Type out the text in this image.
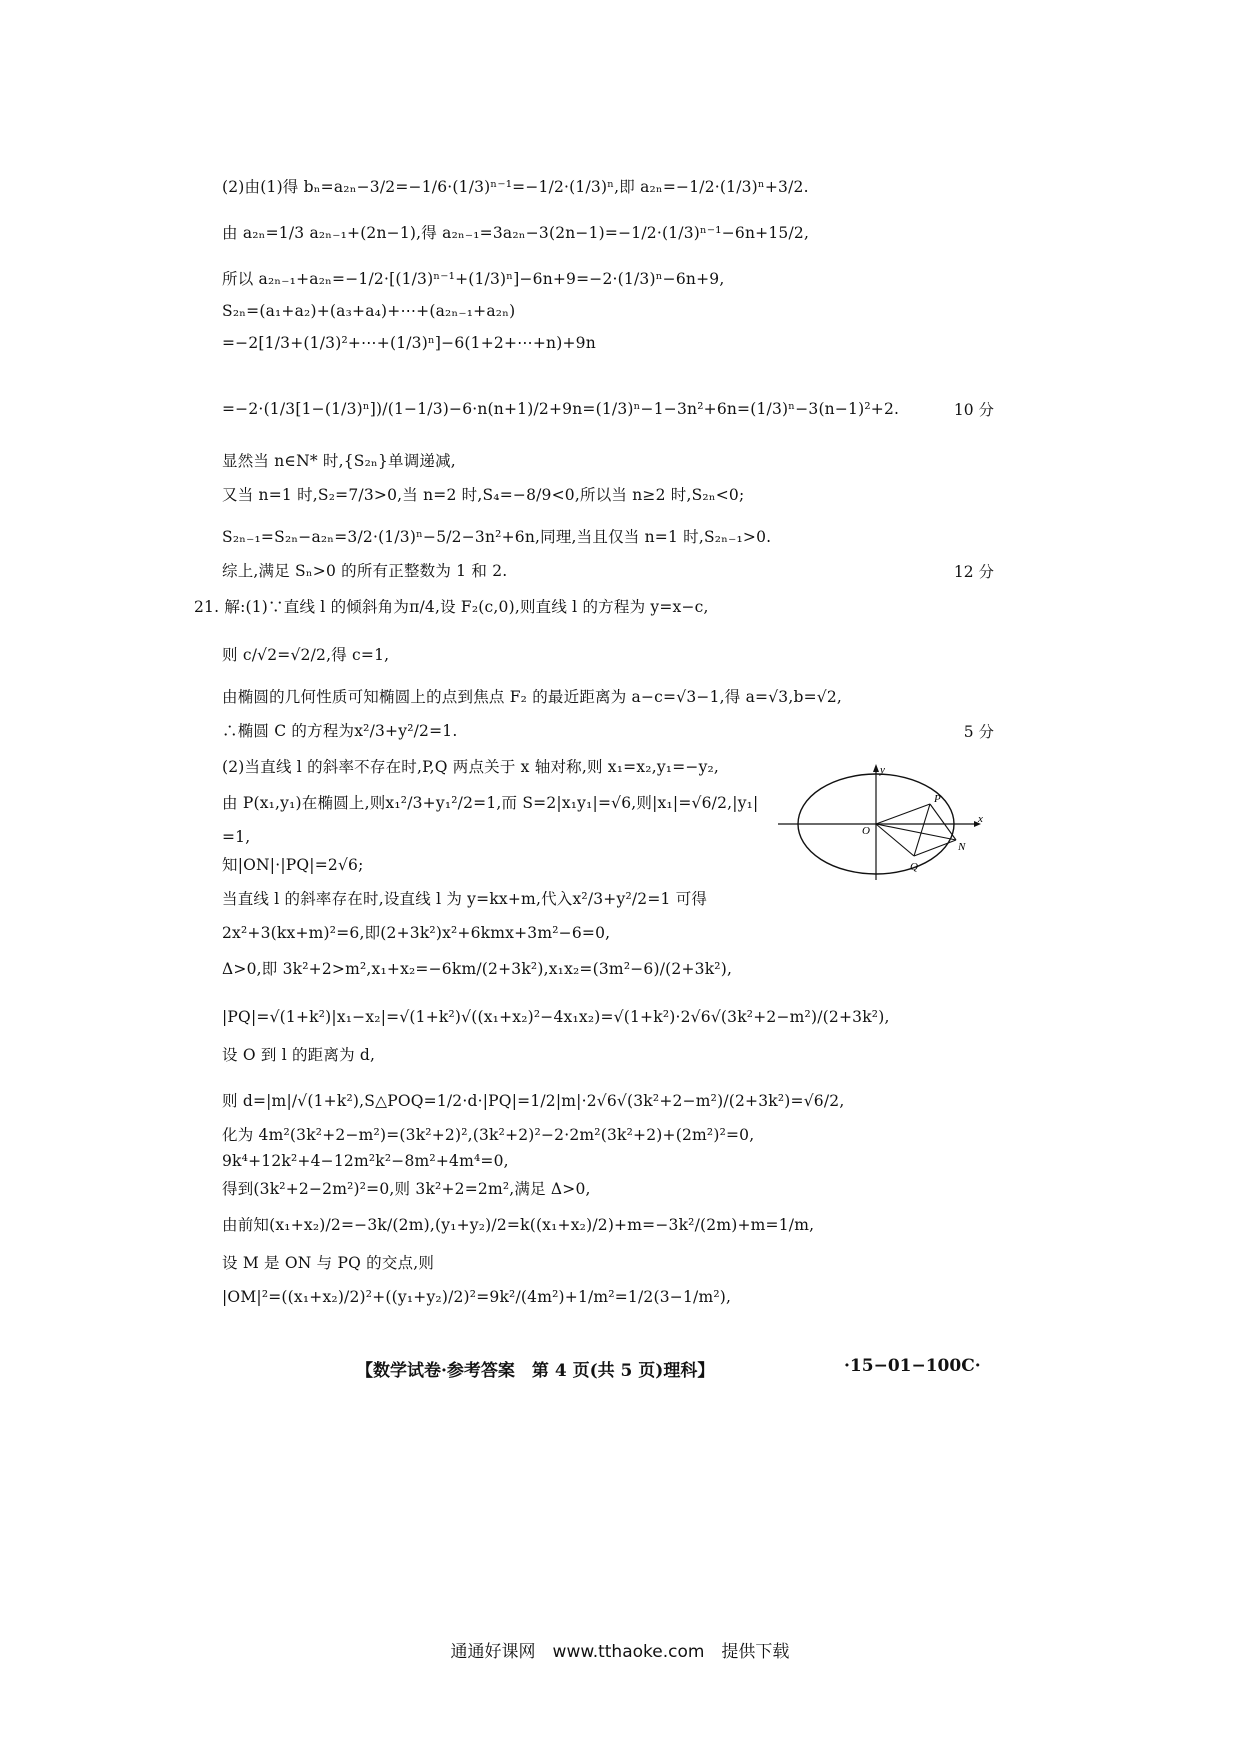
(2)由(1)得 bₙ=a₂ₙ−3/2=−1/6·(1/3)ⁿ⁻¹=−1/2·(1/3)ⁿ,即 a₂ₙ=−1/2·(1/3)ⁿ+3/2.
由 a₂ₙ=1/3 a₂ₙ₋₁+(2n−1),得 a₂ₙ₋₁=3a₂ₙ−3(2n−1)=−1/2·(1/3)ⁿ⁻¹−6n+15/2,
所以 a₂ₙ₋₁+a₂ₙ=−1/2·[(1/3)ⁿ⁻¹+(1/3)ⁿ]−6n+9=−2·(1/3)ⁿ−6n+9,
S₂ₙ=(a₁+a₂)+(a₃+a₄)+⋯+(a₂ₙ₋₁+a₂ₙ)
=−2[1/3+(1/3)²+⋯+(1/3)ⁿ]−6(1+2+⋯+n)+9n
=−2·(1/3[1−(1/3)ⁿ])/(1−1/3)−6·n(n+1)/2+9n=(1/3)ⁿ−1−3n²+6n=(1/3)ⁿ−3(n−1)²+2.	10 分
显然当 n∈N* 时,{S₂ₙ}单调递减,
又当 n=1 时,S₂=7/3>0,当 n=2 时,S₄=−8/9<0,所以当 n≥2 时,S₂ₙ<0;
S₂ₙ₋₁=S₂ₙ−a₂ₙ=3/2·(1/3)ⁿ−5/2−3n²+6n,同理,当且仅当 n=1 时,S₂ₙ₋₁>0.
综上,满足 Sₙ>0 的所有正整数为 1 和 2.	12 分
21. 解:(1)∵直线 l 的倾斜角为π/4,设 F₂(c,0),则直线 l 的方程为 y=x−c,
则 c/√2=√2/2,得 c=1,
由椭圆的几何性质可知椭圆上的点到焦点 F₂ 的最近距离为 a−c=√3−1,得 a=√3,b=√2,
∴椭圆 C 的方程为x²/3+y²/2=1.	5 分
(2)当直线 l 的斜率不存在时,P,Q 两点关于 x 轴对称,则 x₁=x₂,y₁=−y₂,
由 P(x₁,y₁)在椭圆上,则x₁²/3+y₁²/2=1,而 S=2|x₁y₁|=√6,则|x₁|=√6/2,|y₁|
=1,
知|ON|·|PQ|=2√6;
当直线 l 的斜率存在时,设直线 l 为 y=kx+m,代入x²/3+y²/2=1 可得
2x²+3(kx+m)²=6,即(2+3k²)x²+6kmx+3m²−6=0,
Δ>0,即 3k²+2>m²,x₁+x₂=−6km/(2+3k²),x₁x₂=(3m²−6)/(2+3k²),
|PQ|=√(1+k²)|x₁−x₂|=√(1+k²)√((x₁+x₂)²−4x₁x₂)=√(1+k²)·2√6√(3k²+2−m²)/(2+3k²),
设 O 到 l 的距离为 d,
则 d=|m|/√(1+k²),S△POQ=1/2·d·|PQ|=1/2|m|·2√6√(3k²+2−m²)/(2+3k²)=√6/2,
化为 4m²(3k²+2−m²)=(3k²+2)²,(3k²+2)²−2·2m²(3k²+2)+(2m²)²=0,
9k⁴+12k²+4−12m²k²−8m²+4m⁴=0,
得到(3k²+2−2m²)²=0,则 3k²+2=2m²,满足 Δ>0,
由前知(x₁+x₂)/2=−3k/(2m),(y₁+y₂)/2=k((x₁+x₂)/2)+m=−3k²/(2m)+m=1/m,
设 M 是 ON 与 PQ 的交点,则
|OM|²=((x₁+x₂)/2)²+((y₁+y₂)/2)²=9k²/(4m²)+1/m²=1/2(3−1/m²),
y
x
O
P
Q
N
【数学试卷·参考答案　第 4 页(共 5 页)理科】	·15−01−100C·
通通好课网　www.tthaoke.com　提供下载
